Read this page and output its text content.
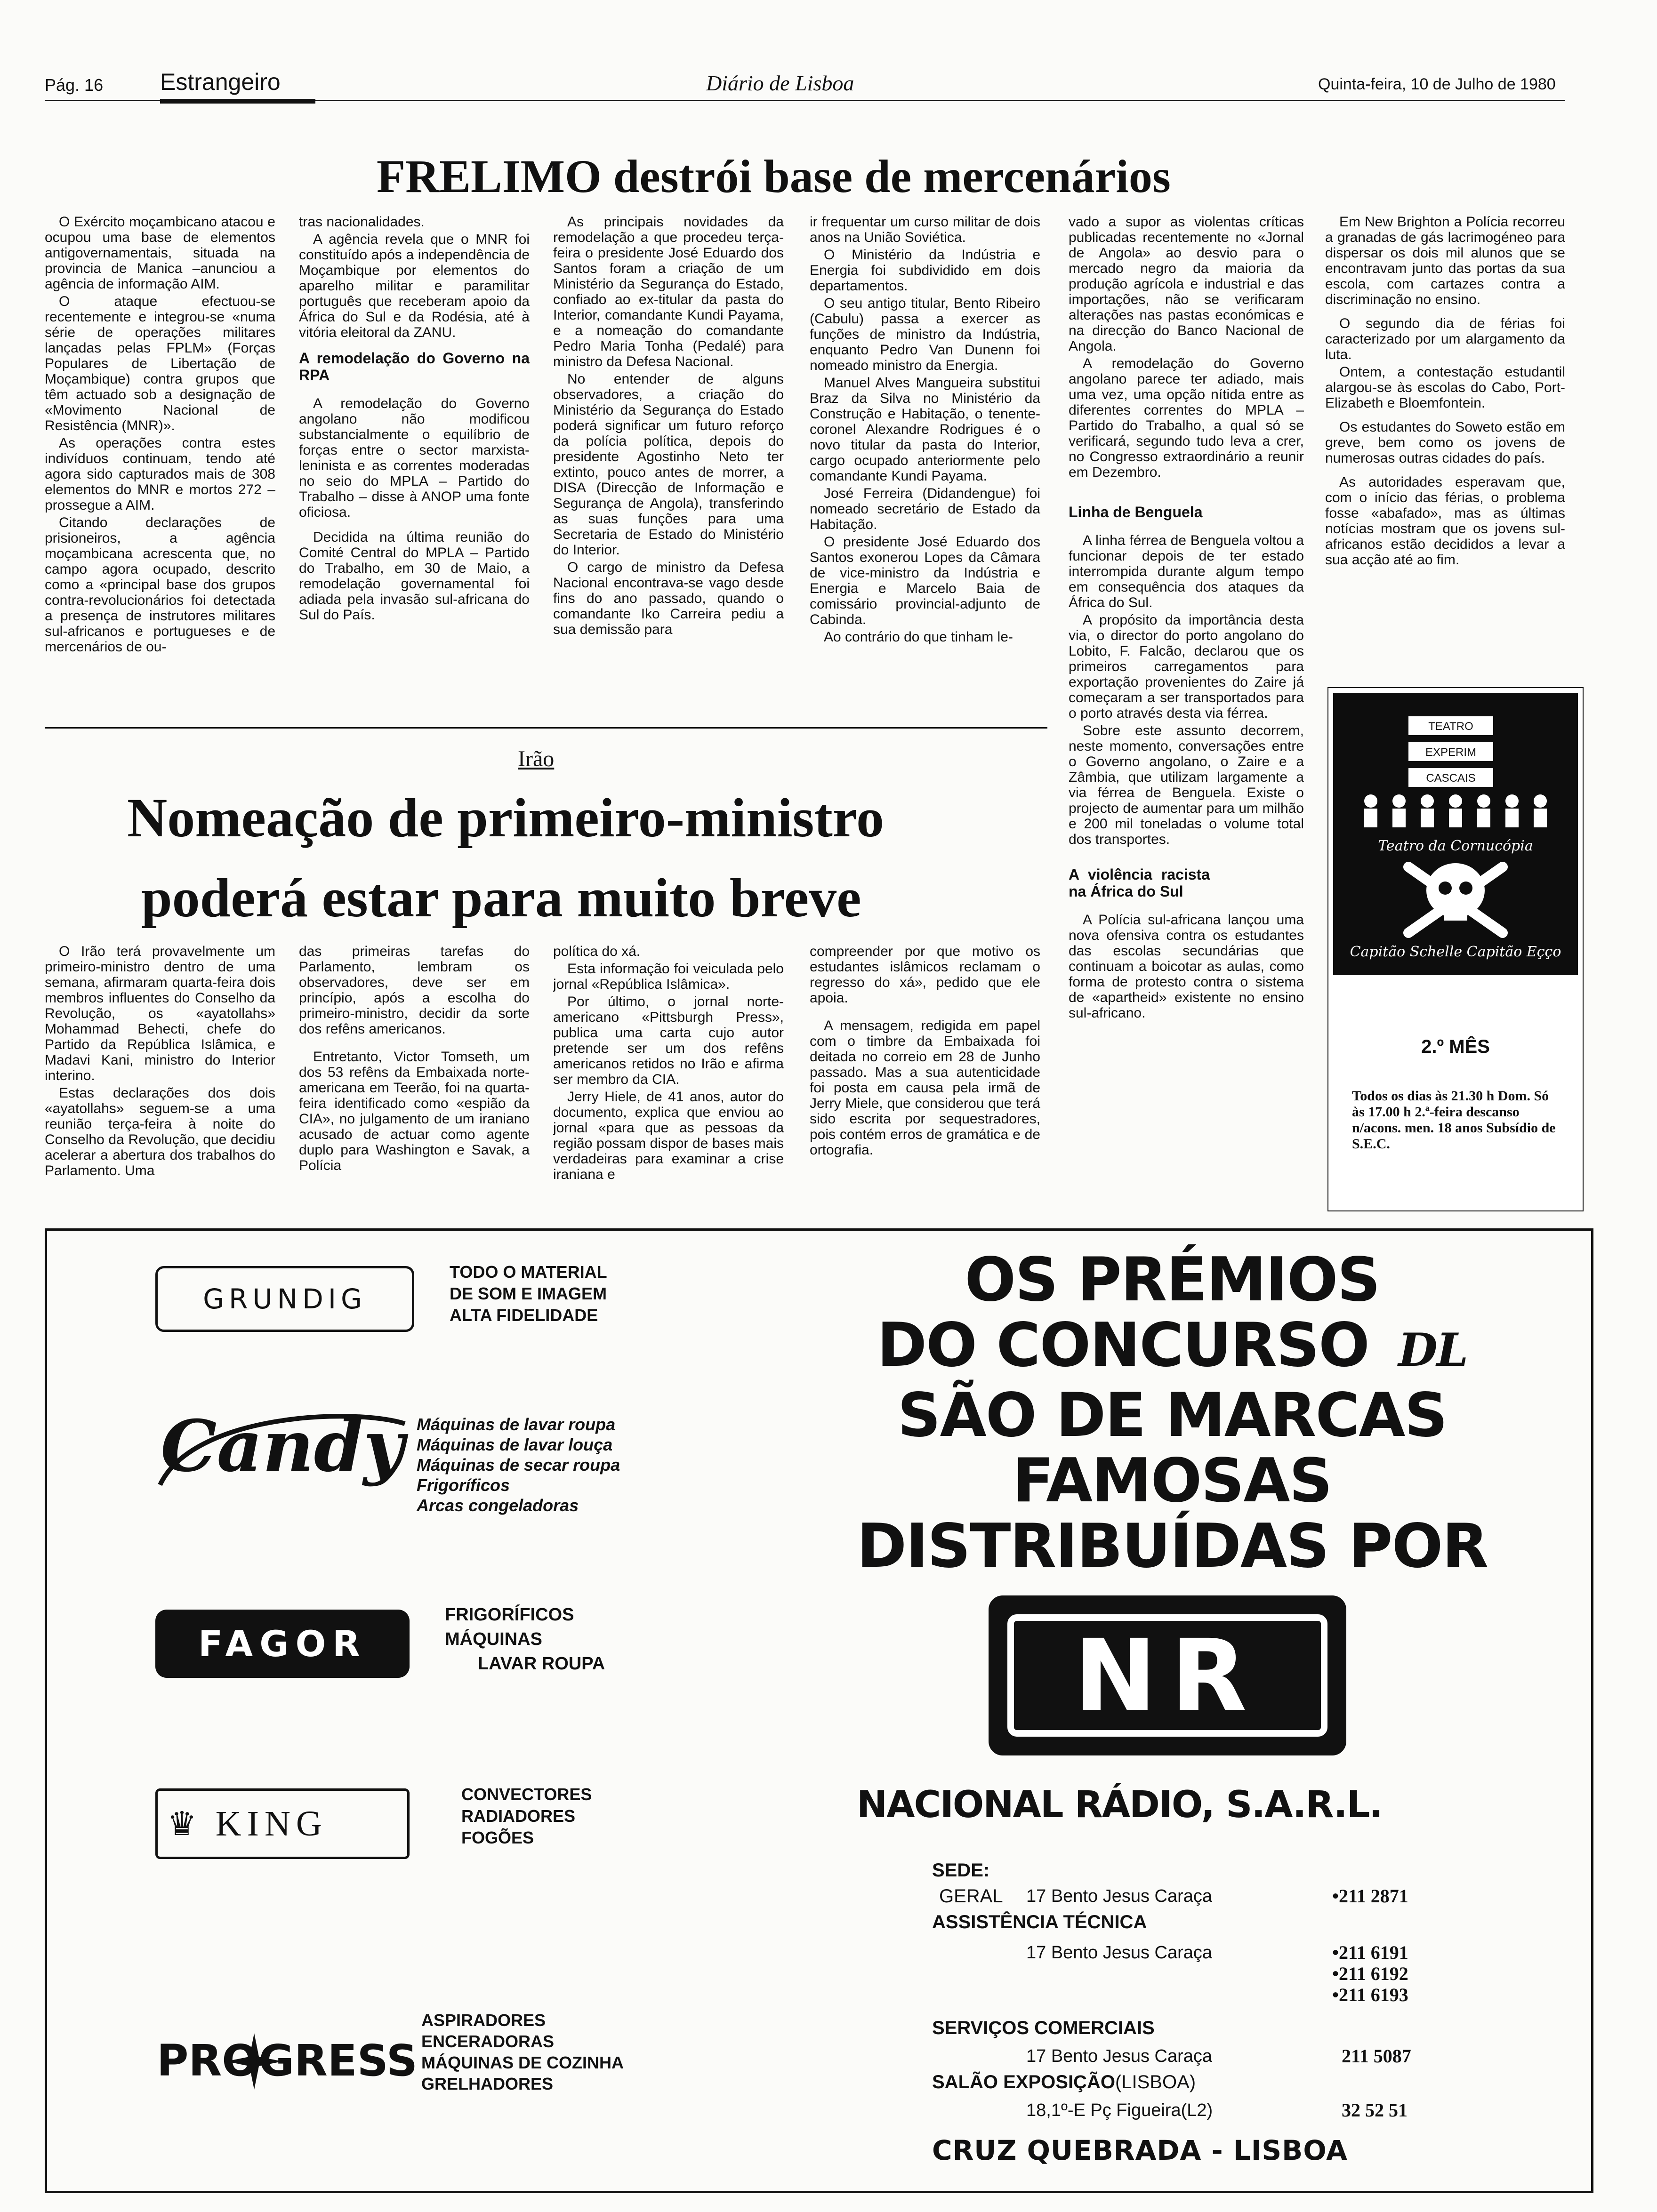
Pág. 16 Estrangeiro	Diário de Lisboa	Quinta-feira, 10 de Julho de 1980
FRELIMO destrói base de mercenários

O Exército moçambicano atacou e ocupou uma base de elementos antigovernamentais, situada na provincia de Manica –anunciou a agência de informação AIM.

O ataque efectuou-se recentemente e integrou-se «numa série de operações militares lançadas pelas FPLM» (Forças Populares de Libertação de Moçambique) contra grupos que têm actuado sob a designação de «Movimento Nacional de Resistência (MNR)».

As operações contra estes indivíduos continuam, tendo até agora sido capturados mais de 308 elementos do MNR e mortos 272 – prossegue a AIM.

Citando declarações de prisioneiros, a agência moçambicana acrescenta que, no campo agora ocupado, descrito como a «principal base dos grupos contra-revolucionários foi detectada a presença de instrutores militares sul-africanos e portugueses e de mercenários de ou-

tras nacionalidades.

A agência revela que o MNR foi constituído após a independência de Moçambique por elementos do aparelho militar e paramilitar português que receberam apoio da África do Sul e da Rodésia, até à vitória eleitoral da ZANU.

A remodelação do Governo na RPA

A remodelação do Governo angolano não modificou substancialmente o equilíbrio de forças entre o sector marxista-leninista e as correntes moderadas no seio do MPLA – Partido do Trabalho – disse à ANOP uma fonte oficiosa.

Decidida na última reunião do Comité Central do MPLA – Partido do Trabalho, em 30 de Maio, a remodelação governamental foi adiada pela invasão sul-africana do Sul do País.

As principais novidades da remodelação a que procedeu terça-feira o presidente José Eduardo dos Santos foram a criação de um Ministério da Segurança do Estado, confiado ao ex-titular da pasta do Interior, comandante Kundi Payama, e a nomeação do comandante Pedro Maria Tonha (Pedalé) para ministro da Defesa Nacional.

No entender de alguns observadores, a criação do Ministério da Segurança do Estado poderá significar um futuro reforço da polícia política, depois do presidente Agostinho Neto ter extinto, pouco antes de morrer, a DISA (Direcção de Informação e Segurança de Angola), transferindo as suas funções para uma Secretaria de Estado do Ministério do Interior.

O cargo de ministro da Defesa Nacional encontrava-se vago desde fins do ano passado, quando o comandante Iko Carreira pediu a sua demissão para

ir frequentar um curso militar de dois anos na União Soviética.

O Ministério da Indústria e Energia foi subdividido em dois departamentos.

O seu antigo titular, Bento Ribeiro (Cabulu) passa a exercer as funções de ministro da Indústria, enquanto Pedro Van Dunenn foi nomeado ministro da Energia.

Manuel Alves Mangueira substitui Braz da Silva no Ministério da Construção e Habitação, o tenente-coronel Alexandre Rodrigues é o novo titular da pasta do Interior, cargo ocupado anteriormente pelo comandante Kundi Payama.

José Ferreira (Didandengue) foi nomeado secretário de Estado da Habitação.

O presidente José Eduardo dos Santos exonerou Lopes da Câmara de vice-ministro da Indústria e Energia e Marcelo Baia de comissário provincial-adjunto de Cabinda.

Ao contrário do que tinham le-

vado a supor as violentas críticas publicadas recentemente no «Jornal de Angola» ao desvio para o mercado negro da maioria da produção agrícola e industrial e das importações, não se verificaram alterações nas pastas económicas e na direcção do Banco Nacional de Angola.

A remodelação do Governo angolano parece ter adiado, mais uma vez, uma opção nítida entre as diferentes correntes do MPLA – Partido do Trabalho, a qual só se verificará, segundo tudo leva a crer, no Congresso extraordinário a reunir em Dezembro.

Linha de Benguela

A linha férrea de Benguela voltou a funcionar depois de ter estado interrompida durante algum tempo em consequência dos ataques da África do Sul.

A propósito da importância desta via, o director do porto angolano do Lobito, F. Falcão, declarou que os primeiros carregamentos para exportação provenientes do Zaire já começaram a ser transportados para o porto através desta via férrea.

Sobre este assunto decorrem, neste momento, conversações entre o Governo angolano, o Zaire e a Zâmbia, que utilizam largamente a via férrea de Benguela. Existe o projecto de aumentar para um milhão e 200 mil toneladas o volume total dos transportes.

A violência racista na África do Sul

A Polícia sul-africana lançou uma nova ofensiva contra os estudantes das escolas secundárias que continuam a boicotar as aulas, como forma de protesto contra o sistema de «apartheid» existente no ensino sul-africano.

Em New Brighton a Polícia recorreu a granadas de gás lacrimogéneo para dispersar os dois mil alunos que se encontravam junto das portas da sua escola, com cartazes contra a discriminação no ensino.

O segundo dia de férias foi caracterizado por um alargamento da luta.

Ontem, a contestação estudantil alargou-se às escolas do Cabo, Port-Elizabeth e Bloemfontein.

Os estudantes do Soweto estão em greve, bem como os jovens de numerosas outras cidades do país.

As autoridades esperavam que, com o início das férias, o problema fosse «abafado», mas as últimas notícias mostram que os jovens sul-africanos estão decididos a levar a sua acção até ao fim.

TEATRO
EXPERIM
CASCAIS
Teatro da Cornucópia
Capitão Schelle Capitão Eçço
2.º MÊS
Todos os dias às 21.30 h Dom. Só às 17.00 h 2.ª-feira descanso n/acons. men. 18 anos Subsídio de S.E.C.
Irão
Nomeação de primeiro-ministro
poderá estar para muito breve

O Irão terá provavelmente um primeiro-ministro dentro de uma semana, afirmaram quarta-feira dois membros influentes do Conselho da Revolução, os «ayatollahs» Mohammad Behecti, chefe do Partido da República Islâmica, e Madavi Kani, ministro do Interior interino.

Estas declarações dos dois «ayatollahs» seguem-se a uma reunião terça-feira à noite do Conselho da Revolução, que decidiu acelerar a abertura dos trabalhos do Parlamento. Uma

das primeiras tarefas do Parlamento, lembram os observadores, deve ser em princípio, após a escolha do primeiro-ministro, decidir da sorte dos refêns americanos.

Entretanto, Victor Tomseth, um dos 53 refêns da Embaixada norte-americana em Teerão, foi na quarta-feira identificado como «espião da CIA», no julgamento de um iraniano acusado de actuar como agente duplo para Washington e Savak, a Polícia

política do xá.

Esta informação foi veiculada pelo jornal «República Islâmica».

Por último, o jornal norte-americano «Pittsburgh Press», publica uma carta cujo autor pretende ser um dos refêns americanos retidos no Irão e afirma ser membro da CIA.

Jerry Hiele, de 41 anos, autor do documento, explica que enviou ao jornal «para que as pessoas da região possam dispor de bases mais verdadeiras para examinar a crise iraniana e

compreender por que motivo os estudantes islâmicos reclamam o regresso do xá», pedido que ele apoia.

A mensagem, redigida em papel com o timbre da Embaixada foi deitada no correio em 28 de Junho passado. Mas a sua autenticidade foi posta em causa pela irmã de Jerry Miele, que considerou que terá sido escrita por sequestradores, pois contém erros de gramática e de ortografia.

GRUNDIG
TODO O MATERIAL
DE SOM E IMAGEM
ALTA FIDELIDADE
Candy Máquinas de lavar roupa
Máquinas de lavar louça
Máquinas de secar roupa
Frigoríficos
Arcas congeladoras
FAGOR
FRIGORÍFICOS
MÁQUINAS
LAVAR ROUPA
♛ KING
CONVECTORES
RADIADORES
FOGÕES
PROGRESS
ASPIRADORES
ENCERADORAS
MÁQUINAS DE COZINHA
GRELHADORES
OS PRÉMIOS
DO CONCURSO DL
SÃO DE MARCAS
FAMOSAS
DISTRIBUÍDAS POR
NR
NACIONAL RÁDIO, S.A.R.L.
SEDE:
GERAL 17 Bento Jesus Caraça	•211 2871
ASSISTÊNCIA TÉCNICA
17 Bento Jesus Caraça	•211 6191
•211 6192
•211 6193
SERVIÇOS COMERCIAIS
17 Bento Jesus Caraça	211 5087
SALÃO EXPOSIÇÃO(LISBOA)
18,1º-E Pç Figueira(L2)	32 52 51
CRUZ QUEBRADA - LISBOA
